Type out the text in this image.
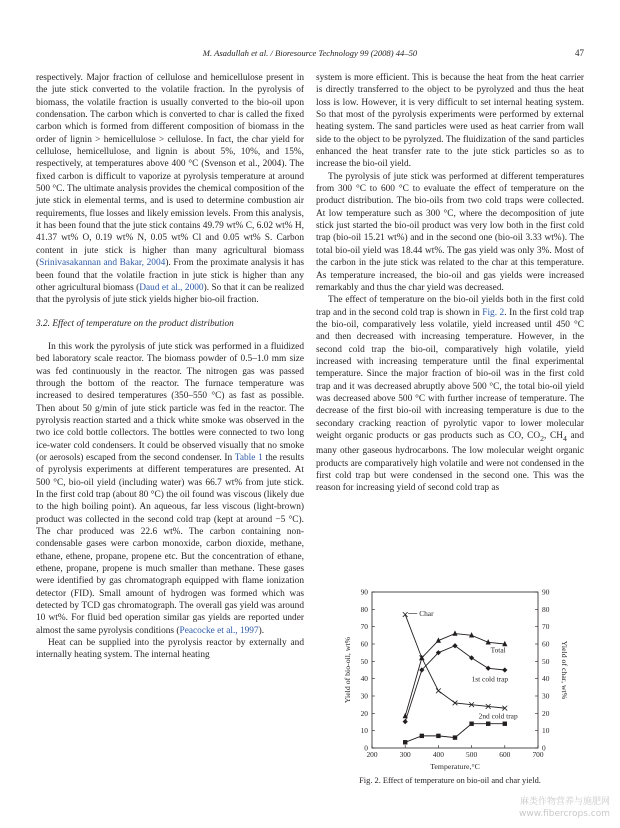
M. Asadullah et al. / Bioresource Technology 99 (2008) 44–50	47

respectively. Major fraction of cellulose and hemicellulose present in the jute stick converted to the volatile fraction. In the pyrolysis of biomass, the volatile fraction is usually converted to the bio-oil upon condensation. The carbon which is converted to char is called the fixed carbon which is formed from different composition of biomass in the order of lignin > hemicellulose > cellulose. In fact, the char yield for cellulose, hemicellulose, and lignin is about 5%, 10%, and 15%, respectively, at temperatures above 400 °C (Svenson et al., 2004). The fixed carbon is difficult to vaporize at pyrolysis temperature at around 500 °C. The ultimate analysis provides the chemical composition of the jute stick in elemental terms, and is used to determine combustion air requirements, flue losses and likely emission levels. From this analysis, it has been found that the jute stick contains 49.79 wt% C, 6.02 wt% H, 41.37 wt% O, 0.19 wt% N, 0.05 wt% Cl and 0.05 wt% S. Carbon content in jute stick is higher than many agricultural biomass (Srinivasakannan and Bakar, 2004). From the proximate analysis it has been found that the volatile fraction in jute stick is higher than any other agricultural biomass (Daud et al., 2000). So that it can be realized that the pyrolysis of jute stick yields higher bio-oil fraction.

3.2. Effect of temperature on the product distribution

In this work the pyrolysis of jute stick was performed in a fluidized bed laboratory scale reactor. The biomass powder of 0.5–1.0 mm size was fed continuously in the reactor. The nitrogen gas was passed through the bottom of the reactor. The furnace temperature was increased to desired temperatures (350–550 °C) as fast as possible. Then about 50 g/min of jute stick particle was fed in the reactor. The pyrolysis reaction started and a thick white smoke was observed in the two ice cold bottle collectors. The bottles were connected to two long ice-water cold condensers. It could be observed visually that no smoke (or aerosols) escaped from the second condenser. In Table 1 the results of pyrolysis experiments at different temperatures are presented. At 500 °C, bio-oil yield (including water) was 66.7 wt% from jute stick. In the first cold trap (about 80 °C) the oil found was viscous (likely due to the high boiling point). An aqueous, far less viscous (light-brown) product was collected in the second cold trap (kept at around −5 °C). The char produced was 22.6 wt%. The carbon containing non-condensable gases were carbon monoxide, carbon dioxide, methane, ethane, ethene, propane, propene etc. But the concentration of ethane, ethene, propane, propene is much smaller than methane. These gases were identified by gas chromatograph equipped with flame ionization detector (FID). Small amount of hydrogen was formed which was detected by TCD gas chromatograph. The overall gas yield was around 10 wt%. For fluid bed operation similar gas yields are reported under almost the same pyrolysis conditions (Peacocke et al., 1997).

Heat can be supplied into the pyrolysis reactor by externally and internally heating system. The internal heating

system is more efficient. This is because the heat from the heat carrier is directly transferred to the object to be pyrolyzed and thus the heat loss is low. However, it is very difficult to set internal heating system. So that most of the pyrolysis experiments were performed by external heating system. The sand particles were used as heat carrier from wall side to the object to be pyrolyzed. The fluidization of the sand particles enhanced the heat transfer rate to the jute stick particles so as to increase the bio-oil yield.

The pyrolysis of jute stick was performed at different temperatures from 300 °C to 600 °C to evaluate the effect of temperature on the product distribution. The bio-oils from two cold traps were collected. At low temperature such as 300 °C, where the decomposition of jute stick just started the bio-oil product was very low both in the first cold trap (bio-oil 15.21 wt%) and in the second one (bio-oil 3.33 wt%). The total bio-oil yield was 18.44 wt%. The gas yield was only 3%. Most of the carbon in the jute stick was related to the char at this temperature. As temperature increased, the bio-oil and gas yields were increased remarkably and thus the char yield was decreased.

The effect of temperature on the bio-oil yields both in the first cold trap and in the second cold trap is shown in Fig. 2. In the first cold trap the bio-oil, comparatively less volatile, yield increased until 450 °C and then decreased with increasing temperature. However, in the second cold trap the bio-oil, comparatively high volatile, yield increased with increasing temperature until the final experimental temperature. Since the major fraction of bio-oil was in the first cold trap and it was decreased abruptly above 500 °C, the total bio-oil yield was decreased above 500 °C with further increase of temperature. The decrease of the first bio-oil with increasing temperature is due to the secondary cracking reaction of pyrolytic vapor to lower molecular weight organic products or gas products such as CO, $CO_2$, $CH_4$ and many other gaseous hydrocarbons. The low molecular weight organic products are comparatively high volatile and were not condensed in the first cold trap but were condensed in the second one. This was the reason for increasing yield of second cold trap as

200	300	400	500	600	700
0	0
10	10
20	20
30	30
40	40
50	50
60	60
70	70
80	80
90	90
Temperature,°C
Yield of bio-oil, wt%	Yield of char, wt%
Total
1st cold trap
2nd cold trap
Char
Fig. 2. Effect of temperature on bio-oil and char yield.
麻类作物营养与施肥网
www.fibercrops.com
